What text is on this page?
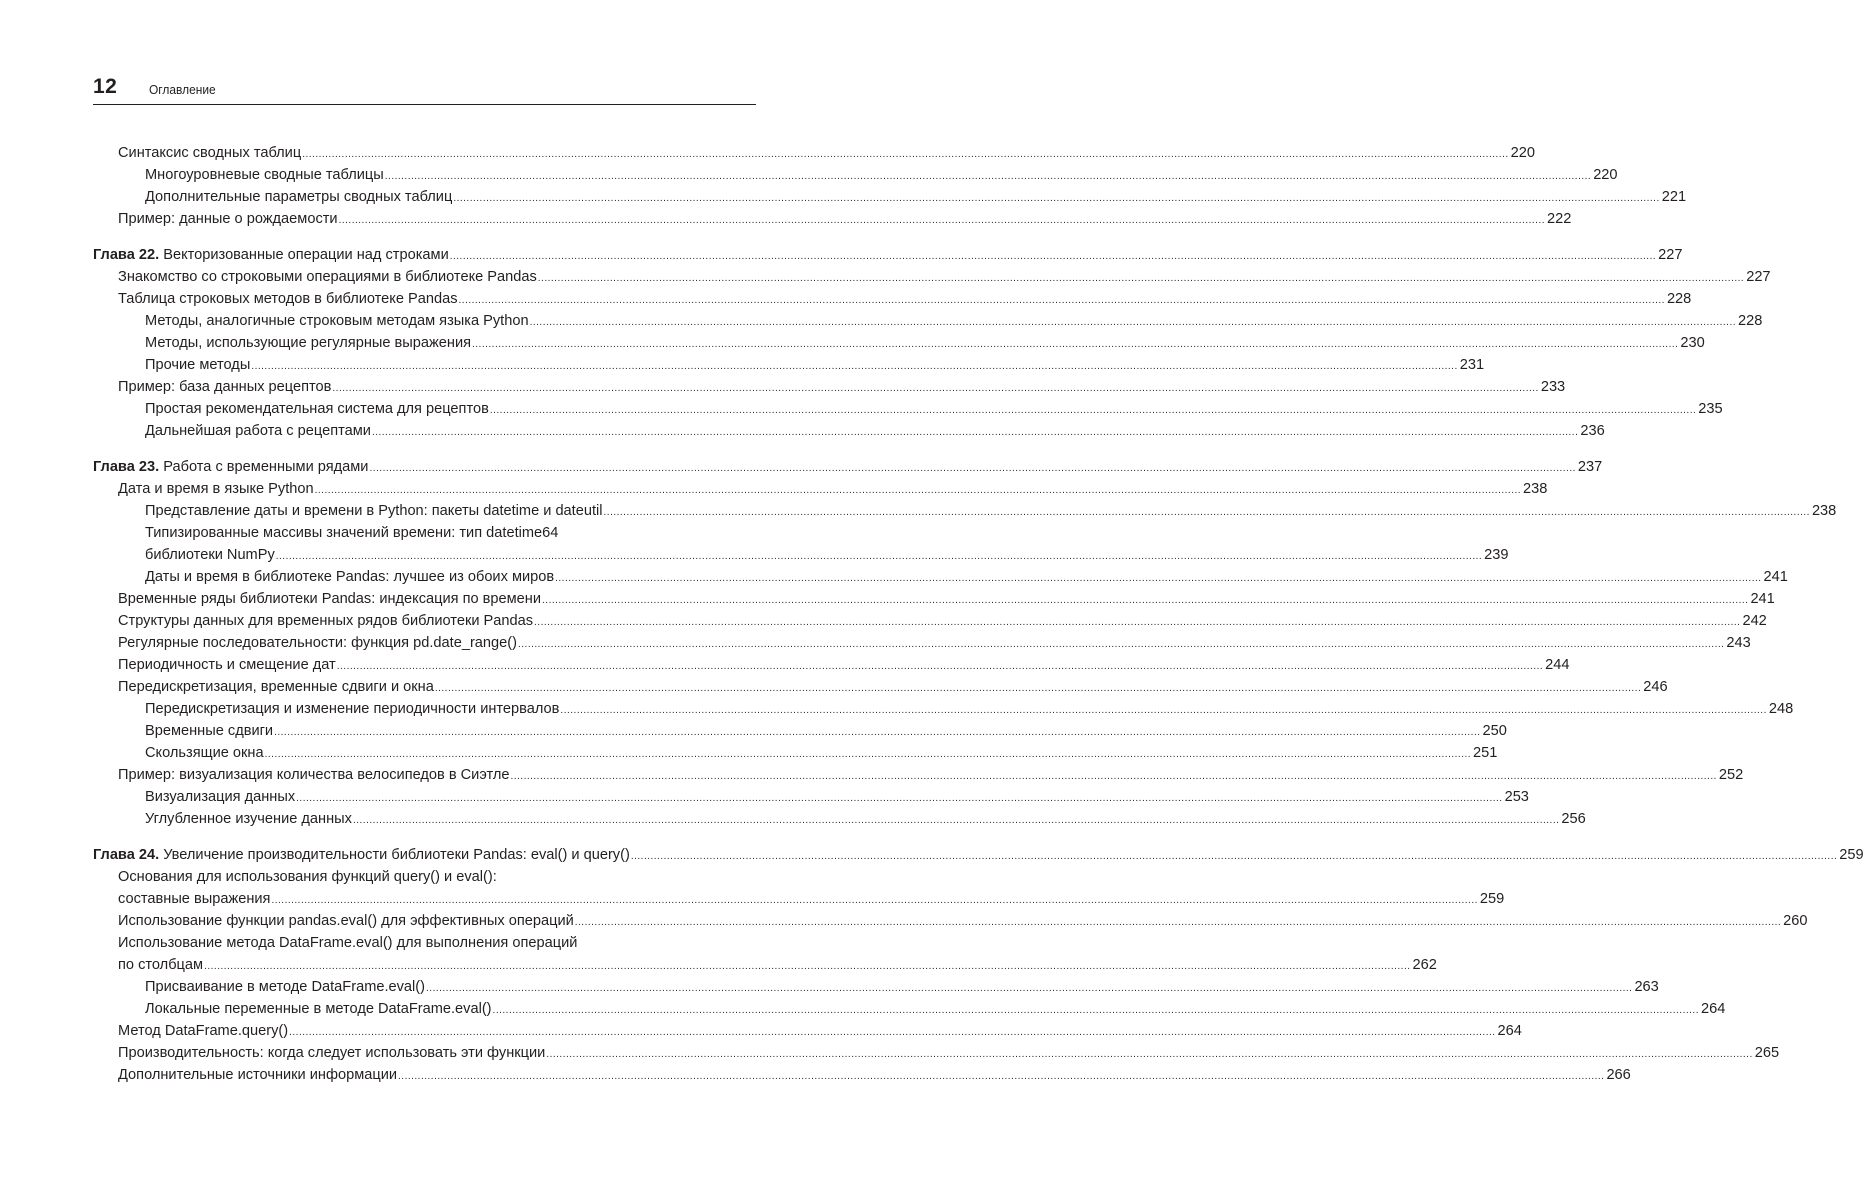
12 Оглавление
Синтаксис сводных таблиц .....	220
Многоуровневые сводные таблицы .....	220
Дополнительные параметры сводных таблиц .....	221
Пример: данные о рождаемости .....	222
Глава 22. Векторизованные операции над строками .....	227
Знакомство со строковыми операциями в библиотеке Pandas .....	227
Таблица строковых методов в библиотеке Pandas .....	228
Методы, аналогичные строковым методам языка Python .....	228
Методы, использующие регулярные выражения .....	230
Прочие методы .....	231
Пример: база данных рецептов .....	233
Простая рекомендательная система для рецептов .....	235
Дальнейшая работа с рецептами .....	236
Глава 23. Работа с временными рядами .....	237
Дата и время в языке Python .....	238
Представление даты и времени в Python: пакеты datetime и dateutil .....	238
Типизированные массивы значений времени: тип datetime64
библиотеки NumPy .....	239
Даты и время в библиотеке Pandas: лучшее из обоих миров .....	241
Временные ряды библиотеки Pandas: индексация по времени .....	241
Структуры данных для временных рядов библиотеки Pandas .....	242
Регулярные последовательности: функция pd.date_range() .....	243
Периодичность и смещение дат .....	244
Передискретизация, временные сдвиги и окна .....	246
Передискретизация и изменение периодичности интервалов .....	248
Временные сдвиги .....	250
Скользящие окна .....	251
Пример: визуализация количества велосипедов в Сиэтле .....	252
Визуализация данных .....	253
Углубленное изучение данных .....	256
Глава 24. Увеличение производительности библиотеки Pandas: eval() и query() .....	259
Основания для использования функций query() и eval():
составные выражения .....	259
Использование функции pandas.eval() для эффективных операций .....	260
Использование метода DataFrame.eval() для выполнения операций
по столбцам .....	262
Присваивание в методе DataFrame.eval() .....	263
Локальные переменные в методе DataFrame.eval() .....	264
Метод DataFrame.query() .....	264
Производительность: когда следует использовать эти функции .....	265
Дополнительные источники информации .....	266
